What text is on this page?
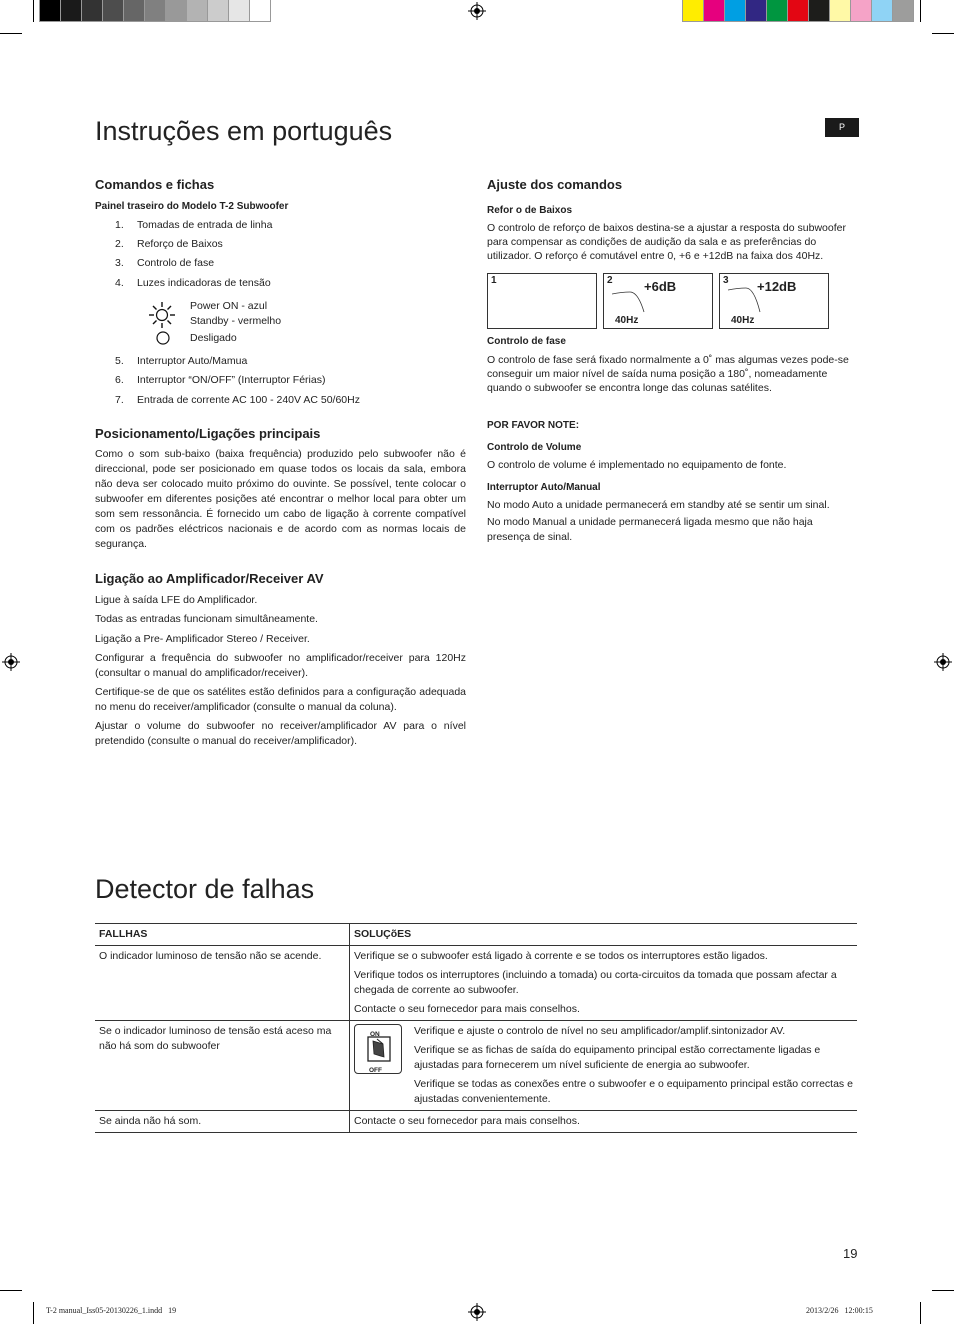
Instruções em português	P
Comandos e fichas
Painel traseiro do Modelo T-2 Subwoofer
1. Tomadas de entrada de linha
2. Reforço de Baixos
3. Controlo de fase
4. Luzes indicadoras de tensão
Power ON - azul
Standby - vermelho
Desligado
5. Interruptor Auto/Mamua
6. Interruptor “ON/OFF” (Interruptor Férias)
7. Entrada de corrente AC 100 - 240V AC 50/60Hz
Posicionamento/Ligações principais
Como o som sub-baixo (baixa frequência) produzido pelo subwoofer não é direccional, pode ser posicionado em quase todos os locais da sala, embora não deva ser colocado muito próximo do ouvinte. Se possível, tente colocar o subwoofer em diferentes posições até encontrar o melhor local para obter um som sem ressonância. É fornecido um cabo de ligação à corrente compatível com os padrões eléctricos nacionais e de acordo com as normas locais de segurança.
Ligação ao Amplificador/Receiver AV
Ligue à saída LFE do Amplificador.
Todas as entradas funcionam simultâneamente.
Ligação a Pre- Amplificador Stereo / Receiver.
Configurar a frequência do subwoofer no amplificador/receiver para 120Hz (consultar o manual do amplificador/receiver).
Certifique-se de que os satélites estão definidos para a configuração adequada no menu do receiver/amplificador (consulte o manual da coluna).
Ajustar o volume do subwoofer no receiver/amplificador AV para o nível pretendido (consulte o manual do receiver/amplificador).
Ajuste dos comandos
Refor o de Baixos
O controlo de reforço de baixos destina-se a ajustar a resposta do subwoofer para compensar as condições de audição da sala e as preferências do utilizador. O reforço é comutável entre 0, +6 e +12dB na faixa dos 40Hz.
1	2 +6dB
40Hz
3 +12dB
40Hz
Controlo de fase
O controlo de fase será fixado normalmente a 0˚ mas algumas vezes pode-se conseguir um maior nível de saída numa posição a 180˚, nomeadamente quando o subwoofer se encontra longe das colunas satélites.
POR FAVOR NOTE:
Controlo de Volume
O controlo de volume é implementado no equipamento de fonte.
Interruptor Auto/Manual
No modo Auto a unidade permanecerá em standby até se sentir um sinal.
No modo Manual a unidade permanecerá ligada mesmo que não haja presença de sinal.
Detector de falhas
FALLHAS	SOLUÇõES
O indicador luminoso de tensão não se acende.	Verifique se o subwoofer está ligado à corrente e se todos os interruptores estão ligados.

Verifique todos os interruptores (incluindo a tomada) ou corta-circuitos da tomada que possam afectar a chegada de corrente ao subwoofer.

Contacte o seu fornecedor para mais conselhos.

Se o indicador luminoso de tensão está aceso ma não há som do subwoofer	ON
OFF

Verifique e ajuste o controlo de nível no seu amplificador/amplif.sintonizador AV.

Verifique se as fichas de saída do equipamento principal estão correctamente ligadas e ajustadas para fornecerem um nível suficiente de energia ao subwoofer.

Verifique se todas as conexões entre o subwoofer e o equipamento principal estão correctas e ajustadas convenientemente.

Se ainda não há som.	Contacte o seu fornecedor para mais conselhos.

19
T-2 manual_Iss05-20130226_1.indd   19	2013/2/26   12:00:15
